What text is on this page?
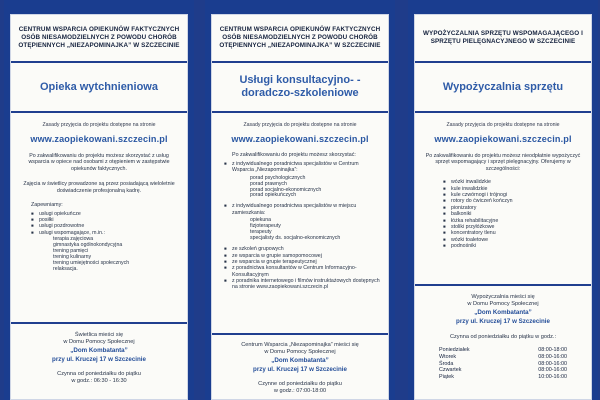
CENTRUM WSPARCIA OPIEKUNÓW FAKTYCZNYCH OSÓB NIESAMODZIELNYCH Z POWODU CHORÓB OTĘPIENNYCH „NIEZAPOMINAJKA” W SZCZECINIE
Opieka wytchnieniowa
Zasady przyjęcia do projektu dostępne na stronie
www.zaopiekowani.szczecin.pl
Po zakwalifikowaniu do projektu możesz skorzystać z usług wsparcia w opiece nad osobami z otępieniem w zastępstwie opiekunów faktycznych.
Zajęcia w świetlicy prowadzone są przez posiadającą wieloletnie doświadczenie profesjonalną kadrę.
Zapewniamy:
■ usługi opiekuńcze
■ posiłki
■ usługi pozdrowotne
■ usługi wspomagające, m.in.:
terapia zajęciowa
gimnastyka ogólnokondycyjna
trening pamięci
trening kulinarny
trening umiejętności społecznych
relaksacja.
Świetlica mieści się
w Domu Pomocy Społecznej
„Dom Kombatanta”
przy ul. Kruczej 17 w Szczecinie
Czynna od poniedziałku do piątku
w godz.: 06:30 - 16:30
CENTRUM WSPARCIA OPIEKUNÓW FAKTYCZNYCH OSÓB NIESAMODZIELNYCH Z POWODU CHORÓB OTĘPIENNYCH „NIEZAPOMINAJKA” W SZCZECINIE
Usługi konsultacyjno- -doradczo-szkoleniowe
Zasady przyjęcia do projektu dostępne na stronie
www.zaopiekowani.szczecin.pl
Po zakwalifikowaniu do projektu możesz skorzystać:
■ z indywidualnego poradnictwa specjalistów w Centrum Wsparcia „Niezapominajka”:
porad psychologicznych
porad prawnych
porad socjalno-ekonomicznych
porad opiekuńczych
■ z indywidualnego poradnictwa specjalistów w miejscu zamieszkania:
opiekuna
fizjoterapeuty
terapeuty
specjalisty ds. socjalno-ekonomicznych
■ ze szkoleń grupowych
■ ze wsparcia w grupie samopomocowej
■ ze wsparcia w grupie terapeutycznej
■ z poradnictwa konsultantów w Centrum Informacyjno-Konsultacyjnym
■ z poradnika internetowego i filmów instruktażowych dostępnych na stronie www.zaopiekowani.szczecin.pl
Centrum Wsparcia „Niezapominajka” mieści się
w Domu Pomocy Społecznej
„Dom Kombatanta”
przy ul. Kruczej 17 w Szczecinie
Czynne od poniedziałku do piątku
w godz.: 07:00-18:00
WYPOŻYCZALNIA SPRZĘTU WSPOMAGAJĄCEGO I SPRZĘTU PIELĘGNACYJNEGO W SZCZECINIE
Wypożyczalnia sprzętu
Zasady przyjęcia do projektu dostępne na stronie
www.zaopiekowani.szczecin.pl
Po zakwalifikowaniu do projektu możesz nieodpłatnie wypożyczyć sprzęt wspomagający i sprzęt pielęgnacyjny. Oferujemy w szczególności:
■ wózki inwalidzkie
■ kule inwalidzkie
■ kule czwórnogi i trójnogi
■ rotory do ćwiczeń kończyn
■ pionizatory
■ balkoniki
■ łóżka rehabilitacyjne
■ stoliki przyłóżkowe
■ koncentratory tlenu
■ wózki toaletowe
■ podnośniki
Wypożyczalnia mieści się
w Domu Pomocy Społecznej
„Dom Kombatanta”
przy ul. Kruczej 17 w Szczecinie
Czynna od poniedziałku do piątku w godz.:
Poniedziałek	08:00-18:00
Wtorek	08:00-16:00
Środa	08:00-16:00
Czwartek	08:00-16:00
Piątek	10:00-16:00
